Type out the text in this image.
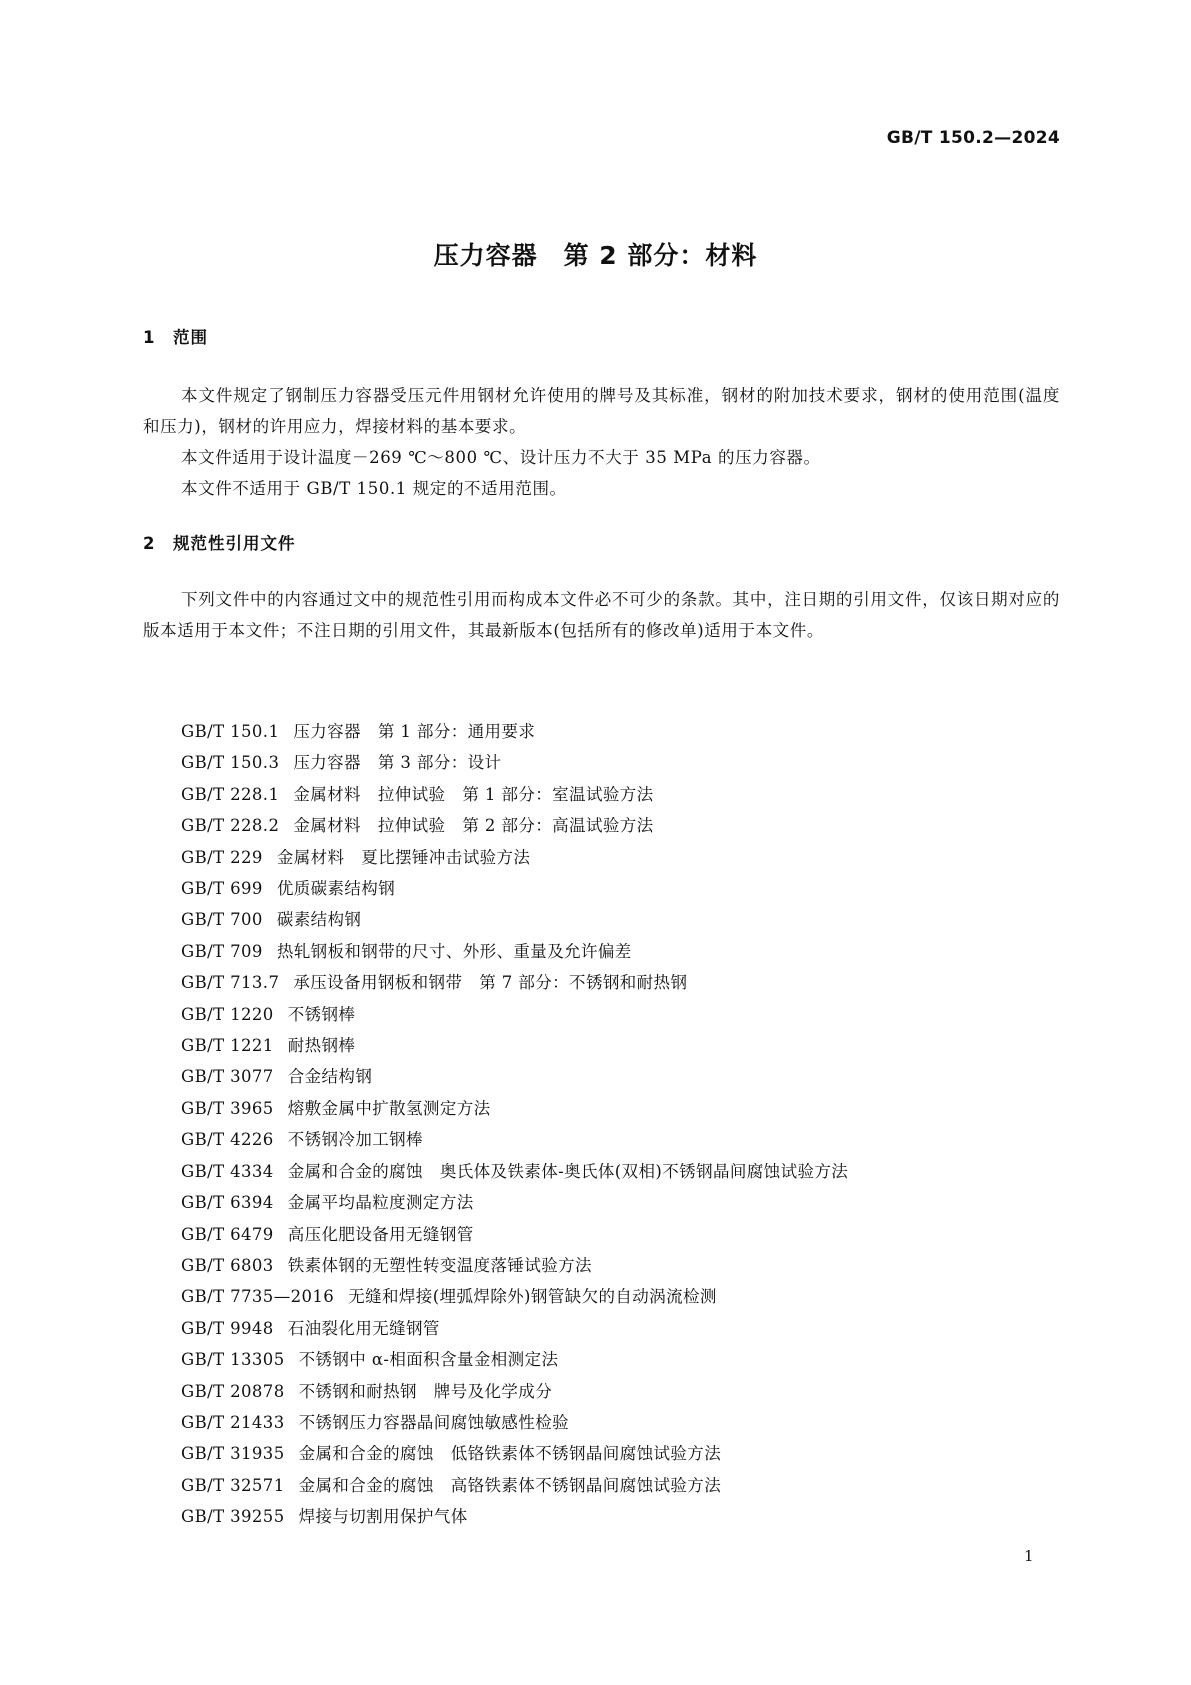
GB/T 150.2—2024
压力容器　第 2 部分：材料
1　范围

本文件规定了钢制压力容器受压元件用钢材允许使用的牌号及其标准，钢材的附加技术要求，钢材的使用范围(温度和压力)，钢材的许用应力，焊接材料的基本要求。

本文件适用于设计温度－269 ℃～800 ℃、设计压力不大于 35 MPa 的压力容器。

本文件不适用于 GB/T 150.1 规定的不适用范围。

2　规范性引用文件

下列文件中的内容通过文中的规范性引用而构成本文件必不可少的条款。其中，注日期的引用文件，仅该日期对应的版本适用于本文件；不注日期的引用文件，其最新版本(包括所有的修改单)适用于本文件。

GB/T 150.1 压力容器　第 1 部分：通用要求
GB/T 150.3 压力容器　第 3 部分：设计
GB/T 228.1 金属材料　拉伸试验　第 1 部分：室温试验方法
GB/T 228.2 金属材料　拉伸试验　第 2 部分：高温试验方法
GB/T 229 金属材料　夏比摆锤冲击试验方法
GB/T 699 优质碳素结构钢
GB/T 700 碳素结构钢
GB/T 709 热轧钢板和钢带的尺寸、外形、重量及允许偏差
GB/T 713.7 承压设备用钢板和钢带　第 7 部分：不锈钢和耐热钢
GB/T 1220 不锈钢棒
GB/T 1221 耐热钢棒
GB/T 3077 合金结构钢
GB/T 3965 熔敷金属中扩散氢测定方法
GB/T 4226 不锈钢冷加工钢棒
GB/T 4334 金属和合金的腐蚀　奥氏体及铁素体-奥氏体(双相)不锈钢晶间腐蚀试验方法
GB/T 6394 金属平均晶粒度测定方法
GB/T 6479 高压化肥设备用无缝钢管
GB/T 6803 铁素体钢的无塑性转变温度落锤试验方法
GB/T 7735—2016 无缝和焊接(埋弧焊除外)钢管缺欠的自动涡流检测
GB/T 9948 石油裂化用无缝钢管
GB/T 13305 不锈钢中 α-相面积含量金相测定法
GB/T 20878 不锈钢和耐热钢　牌号及化学成分
GB/T 21433 不锈钢压力容器晶间腐蚀敏感性检验
GB/T 31935 金属和合金的腐蚀　低铬铁素体不锈钢晶间腐蚀试验方法
GB/T 32571 金属和合金的腐蚀　高铬铁素体不锈钢晶间腐蚀试验方法
GB/T 39255 焊接与切割用保护气体
1
